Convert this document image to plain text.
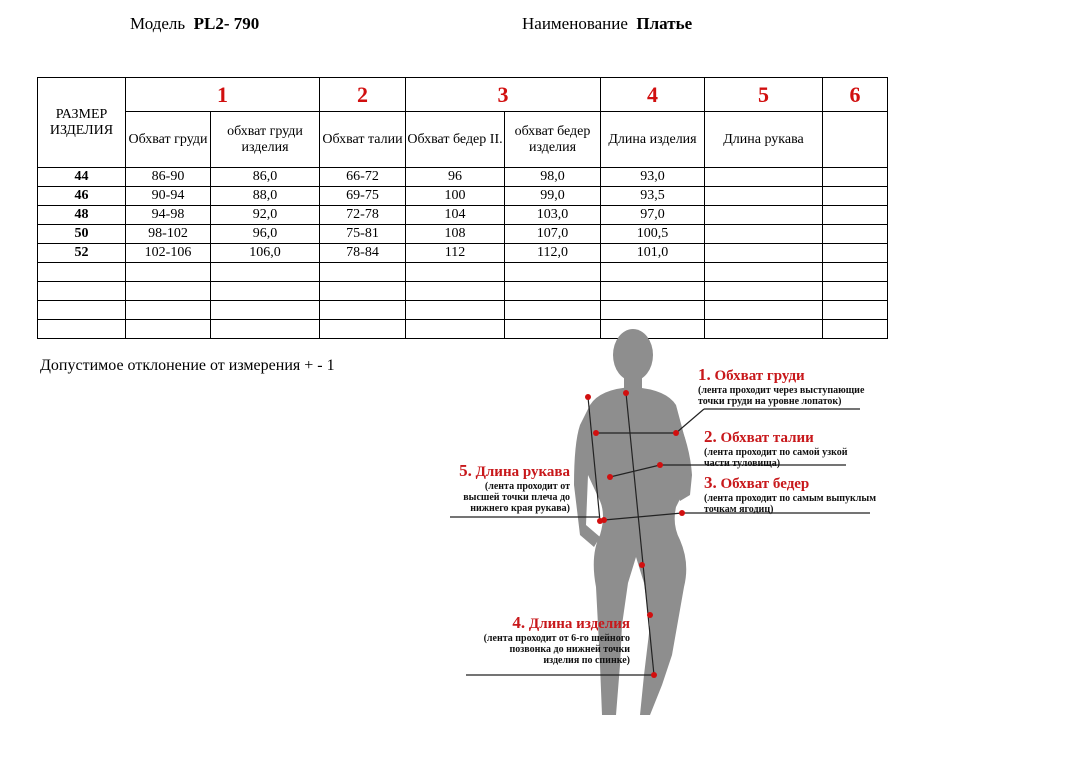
Модель PL2- 790	Наименование Платье
РАЗМЕР ИЗДЕЛИЯ	1		2	3		4	5	6
	Обхват груди	обхват груди изделия	Обхват талии	Обхват бедер II.	обхват бедер изделия	Длина изделия	Длина рукава	
44	86-90	86,0	66-72	96	98,0	93,0		
46	90-94	88,0	69-75	100	99,0	93,5		
48	94-98	92,0	72-78	104	103,0	97,0		
50	98-102	96,0	75-81	108	107,0	100,5		
52	102-106	106,0	78-84	112	112,0	101,0		

Допустимое отклонение от измерения + - 1	1. Обхват груди
(лента проходит через выступающие точки груди на уровне лопаток)
2. Обхват талии
(лента проходит по самой узкой части туловища)
3. Обхват бедер
(лента проходит по самым выпуклым точкам ягодиц)
4. Длина изделия
(лента проходит от 6-го шейного позвонка до нижней точки изделия по спинке)
5. Длина рукава
(лента проходит от высшей точки плеча до нижнего края рукава)
